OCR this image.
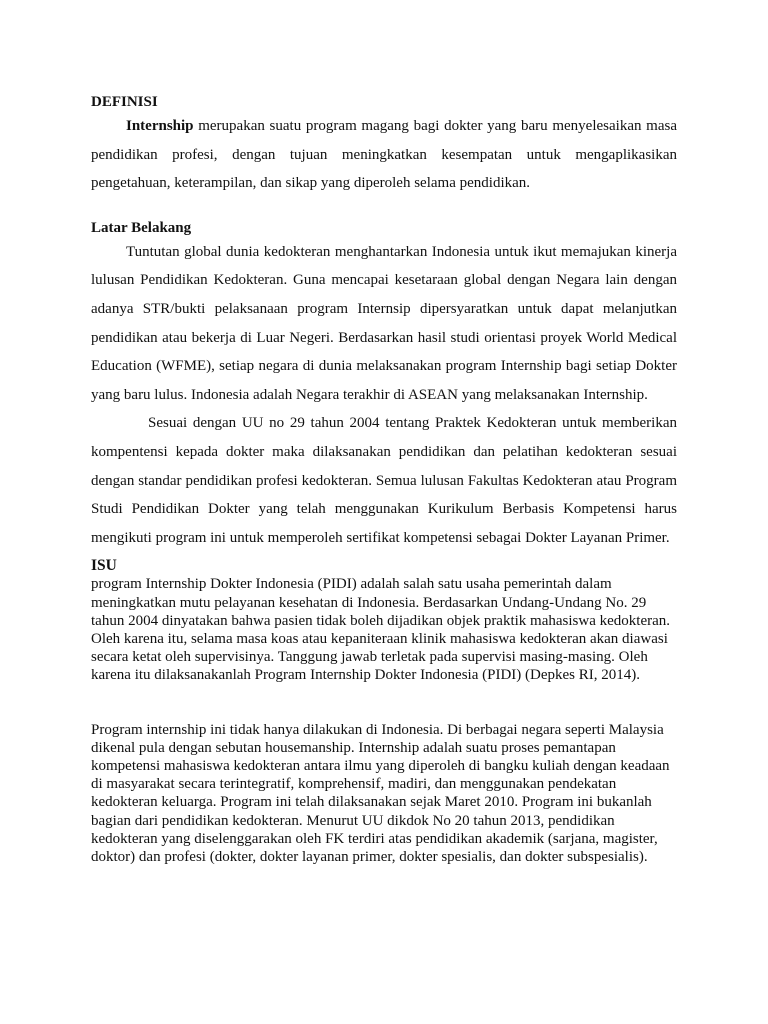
DEFINISI

Internship merupakan suatu program magang bagi dokter yang baru menyelesaikan masa pendidikan profesi, dengan tujuan meningkatkan kesempatan untuk mengaplikasikan pengetahuan, keterampilan, dan sikap yang diperoleh selama pendidikan.

Latar Belakang

Tuntutan global dunia kedokteran menghantarkan Indonesia untuk ikut memajukan kinerja lulusan Pendidikan Kedokteran. Guna mencapai kesetaraan global dengan Negara lain dengan adanya STR/bukti pelaksanaan program Internsip dipersyaratkan untuk dapat melanjutkan pendidikan atau bekerja di Luar Negeri. Berdasarkan hasil studi orientasi proyek World Medical Education (WFME), setiap negara di dunia melaksanakan program Internship bagi setiap Dokter yang baru lulus. Indonesia adalah Negara terakhir di ASEAN yang melaksanakan Internship.

Sesuai dengan UU no 29 tahun 2004 tentang Praktek Kedokteran untuk memberikan kompentensi kepada dokter maka dilaksanakan pendidikan dan pelatihan kedokteran sesuai dengan standar pendidikan profesi kedokteran. Semua lulusan Fakultas Kedokteran atau Program Studi Pendidikan Dokter yang telah menggunakan Kurikulum Berbasis Kompetensi harus mengikuti program ini untuk memperoleh sertifikat kompetensi sebagai Dokter Layanan Primer.

ISU

program Internship Dokter Indonesia (PIDI) adalah salah satu usaha pemerintah dalam meningkatkan mutu pelayanan kesehatan di Indonesia. Berdasarkan Undang-Undang No. 29 tahun 2004 dinyatakan bahwa pasien tidak boleh dijadikan objek praktik mahasiswa kedokteran. Oleh karena itu, selama masa koas atau kepaniteraan klinik mahasiswa kedokteran akan diawasi secara ketat oleh supervisinya. Tanggung jawab terletak pada supervisi masing-masing. Oleh karena itu dilaksanakanlah Program Internship Dokter Indonesia (PIDI) (Depkes RI, 2014).

Program internship ini tidak hanya dilakukan di Indonesia. Di berbagai negara seperti Malaysia dikenal pula dengan sebutan housemanship. Internship adalah suatu proses pemantapan kompetensi mahasiswa kedokteran antara ilmu yang diperoleh di bangku kuliah dengan keadaan di masyarakat secara terintegratif, komprehensif, madiri, dan menggunakan pendekatan kedokteran keluarga. Program ini telah dilaksanakan sejak Maret 2010. Program ini bukanlah bagian dari pendidikan kedokteran. Menurut UU dikdok No 20 tahun 2013, pendidikan kedokteran yang diselenggarakan oleh FK terdiri atas pendidikan akademik (sarjana, magister, doktor) dan profesi (dokter, dokter layanan primer, dokter spesialis, dan dokter subspesialis).
